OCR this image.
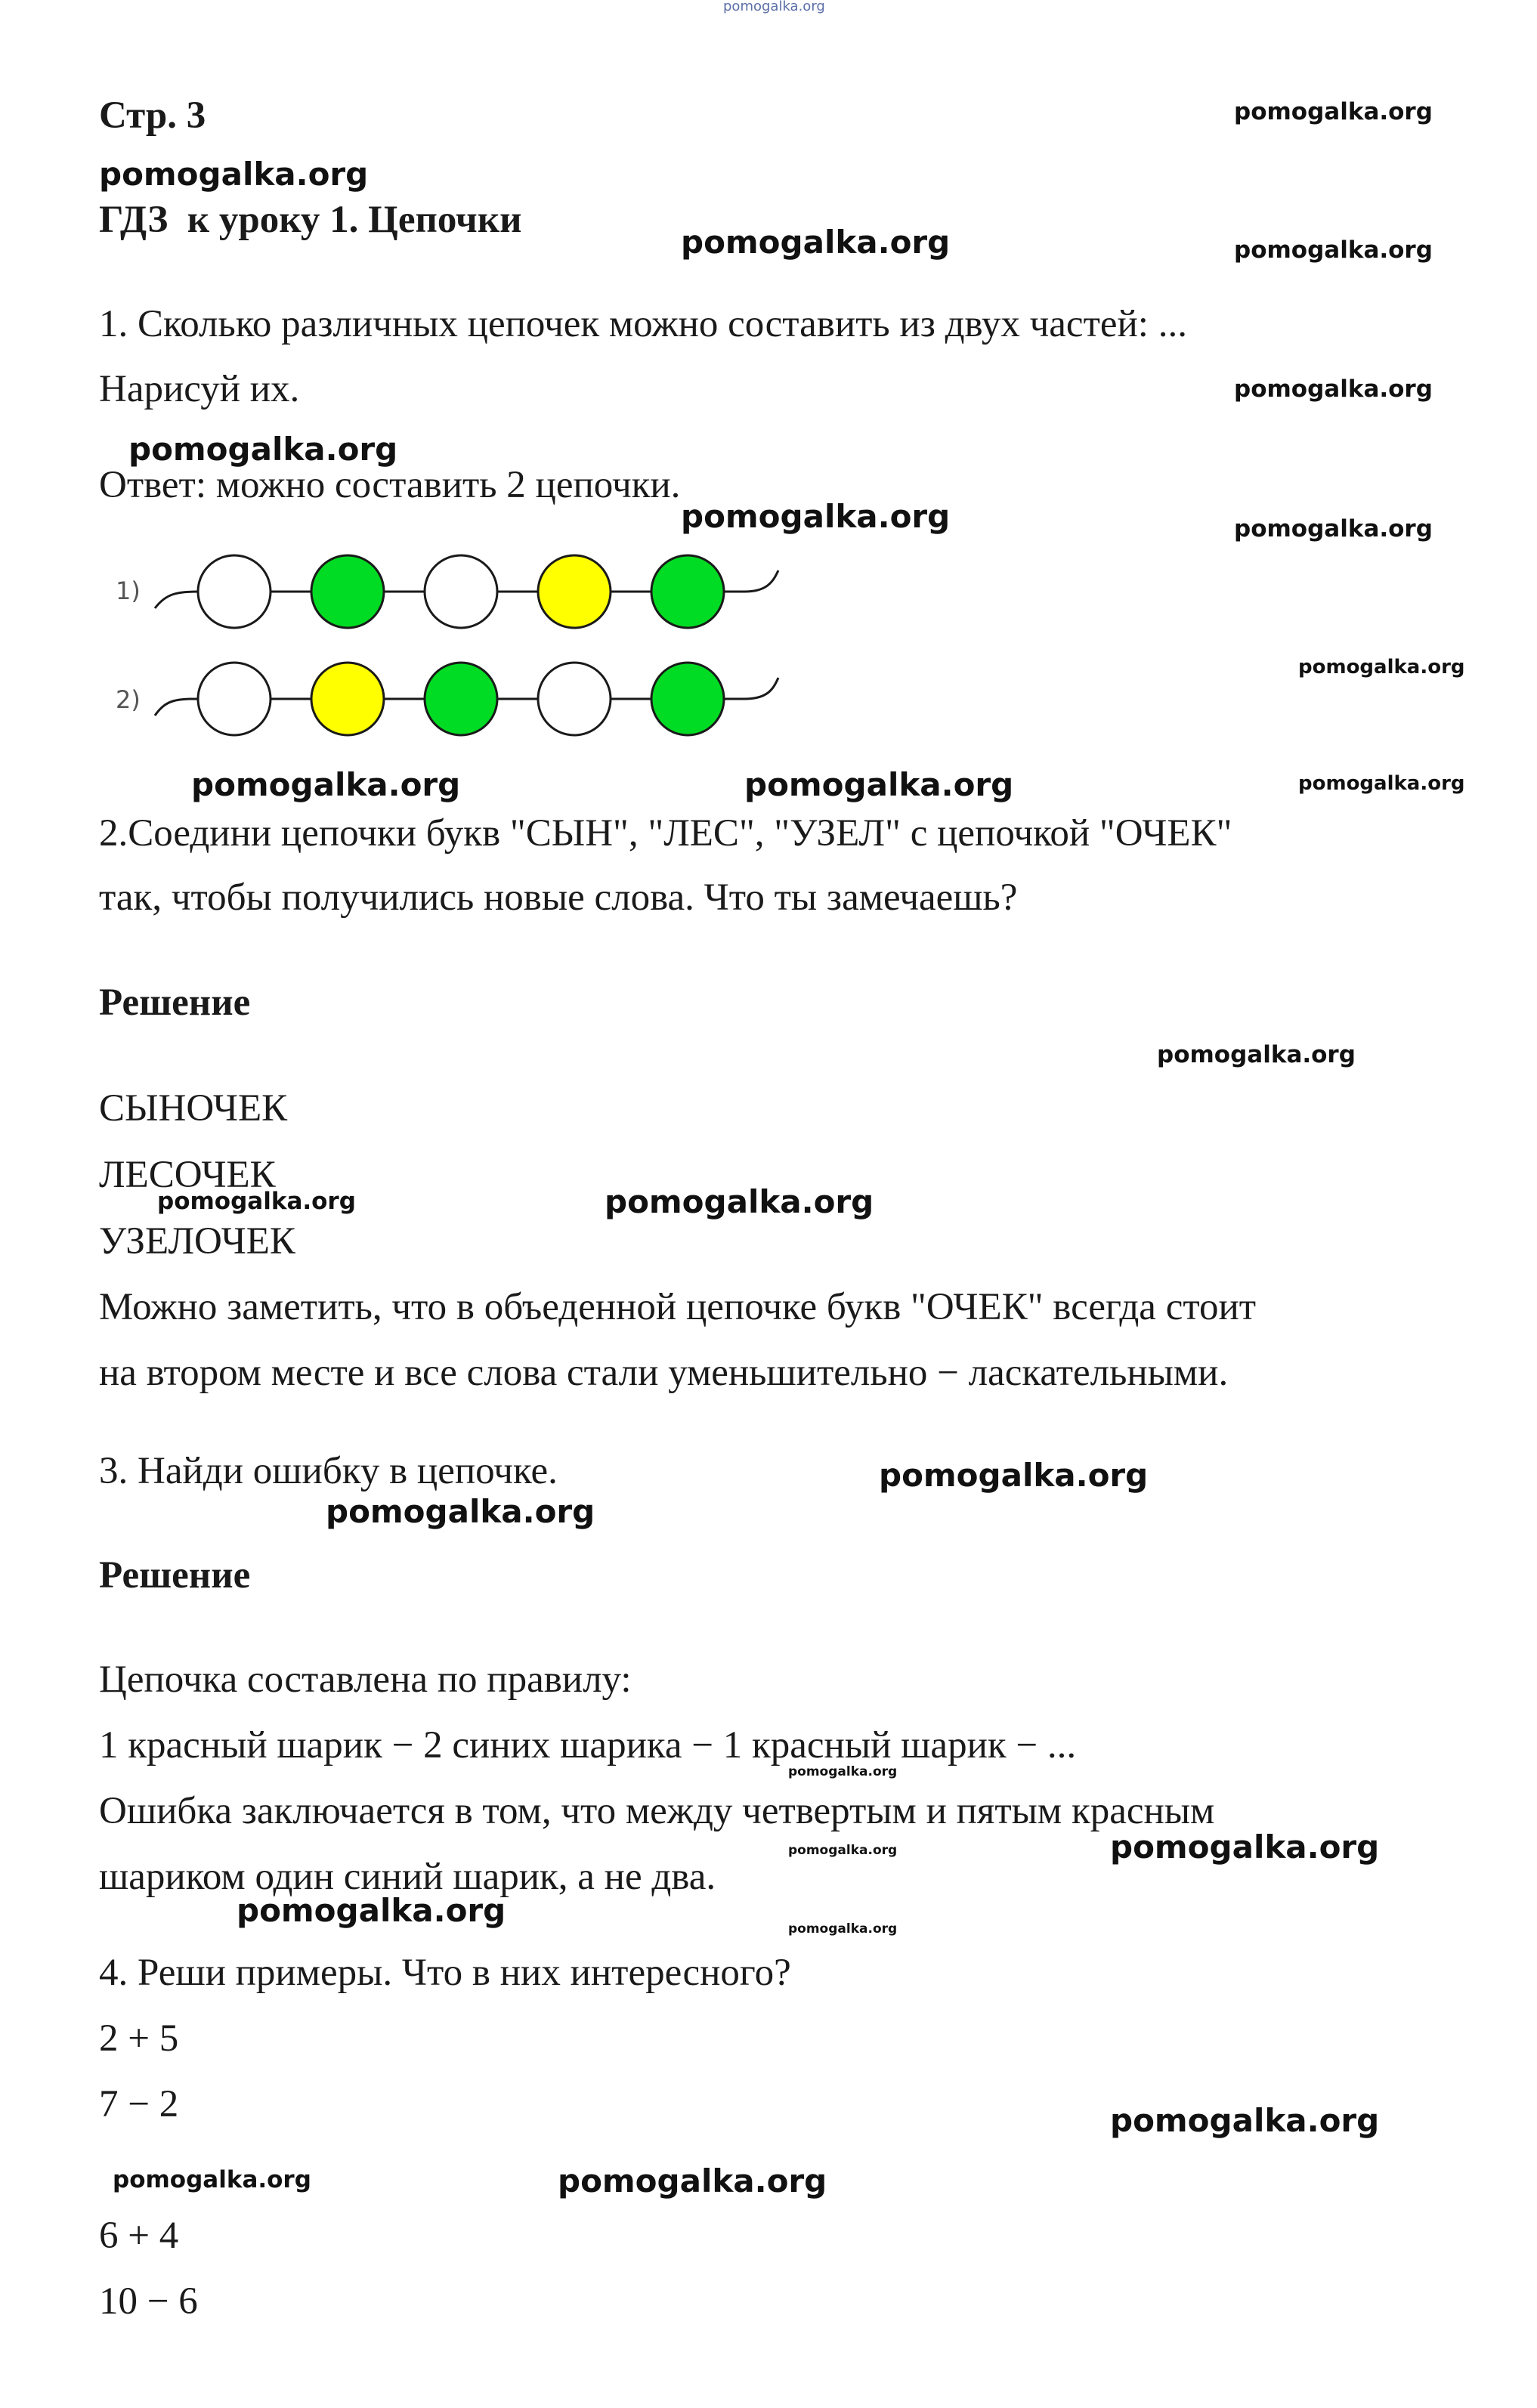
pomogalka.org
Стр. 3
pomogalka.org
ГДЗ  к уроку 1. Цепочки
pomogalka.org
pomogalka.org
pomogalka.org
pomogalka.org
pomogalka.org
pomogalka.org
pomogalka.org
1. Сколько различных цепочек можно составить из двух частей: ...
Нарисуй их.
pomogalka.org
Ответ: можно составить 2 цепочки.
pomogalka.org
1)
2)
pomogalka.org	pomogalka.org
2.Соедини цепочки букв "СЫН", "ЛЕС", "УЗЕЛ" с цепочкой "ОЧЕК"
так, чтобы получились новые слова. Что ты замечаешь?
Решение
pomogalka.org
СЫНОЧЕК
ЛЕСОЧЕК
pomogalka.org	pomogalka.org
УЗЕЛОЧЕК
Можно заметить, что в объеденной цепочке букв "ОЧЕК" всегда стоит
на втором месте и все слова стали уменьшительно − ласкательными.
3. Найди ошибку в цепочке.	pomogalka.org
pomogalka.org
Решение
Цепочка составлена по правилу:
1 красный шарик − 2 синих шарика − 1 красный шарик − ...
pomogalka.org
Ошибка заключается в том, что между четвертым и пятым красным
pomogalka.org	pomogalka.org
шариком один синий шарик, а не два.
pomogalka.org	pomogalka.org
4. Реши примеры. Что в них интересного?
2 + 5
7 − 2	pomogalka.org
pomogalka.org	pomogalka.org
6 + 4
10 − 6
